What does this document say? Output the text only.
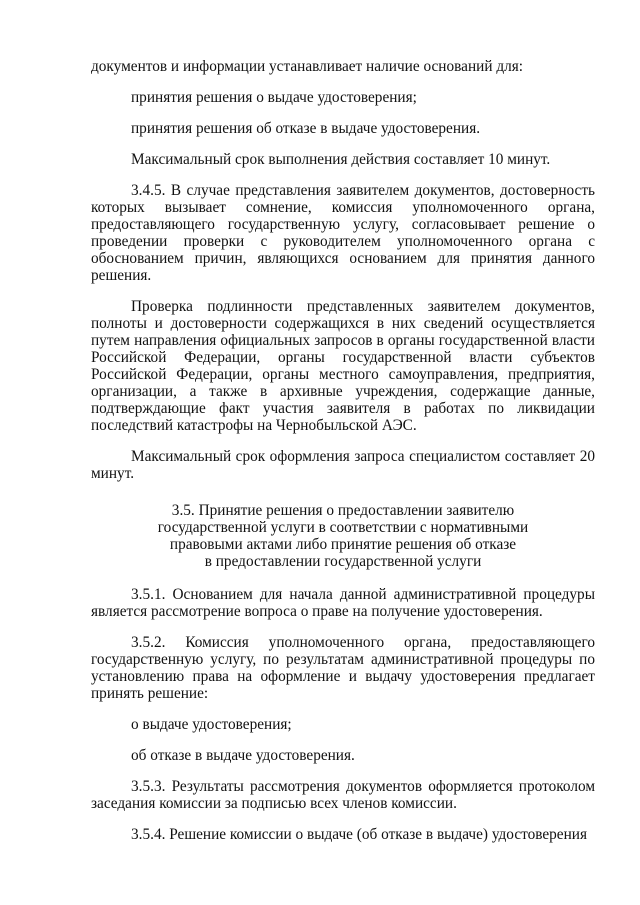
документов и информации устанавливает наличие оснований для:

принятия решения о выдаче удостоверения;

принятия решения об отказе в выдаче удостоверения.

Максимальный срок выполнения действия составляет 10 минут.

3.4.5. В случае представления заявителем документов, достоверность которых вызывает сомнение, комиссия уполномоченного органа, предоставляющего государственную услугу, согласовывает решение о проведении проверки с руководителем уполномоченного органа с обоснованием причин, являющихся основанием для принятия данного решения.

Проверка подлинности представленных заявителем документов, полноты и достоверности содержащихся в них сведений осуществляется путем направления официальных запросов в органы государственной власти Российской Федерации, органы государственной власти субъектов Российской Федерации, органы местного самоуправления, предприятия, организации, а также в архивные учреждения, содержащие данные, подтверждающие факт участия заявителя в работах по ликвидации последствий катастрофы на Чернобыльской АЭС.

Максимальный срок оформления запроса специалистом составляет 20 минут.

3.5. Принятие решения о предоставлении заявителю
государственной услуги в соответствии с нормативными
правовыми актами либо принятие решения об отказе
в предоставлении государственной услуги

3.5.1. Основанием для начала данной административной процедуры является рассмотрение вопроса о праве на получение удостоверения.

3.5.2. Комиссия уполномоченного органа, предоставляющего государственную услугу, по результатам административной процедуры по установлению права на оформление и выдачу удостоверения предлагает принять решение:

о выдаче удостоверения;

об отказе в выдаче удостоверения.

3.5.3. Результаты рассмотрения документов оформляется протоколом заседания комиссии за подписью всех членов комиссии.

3.5.4. Решение комиссии о выдаче (об отказе в выдаче) удостоверения
